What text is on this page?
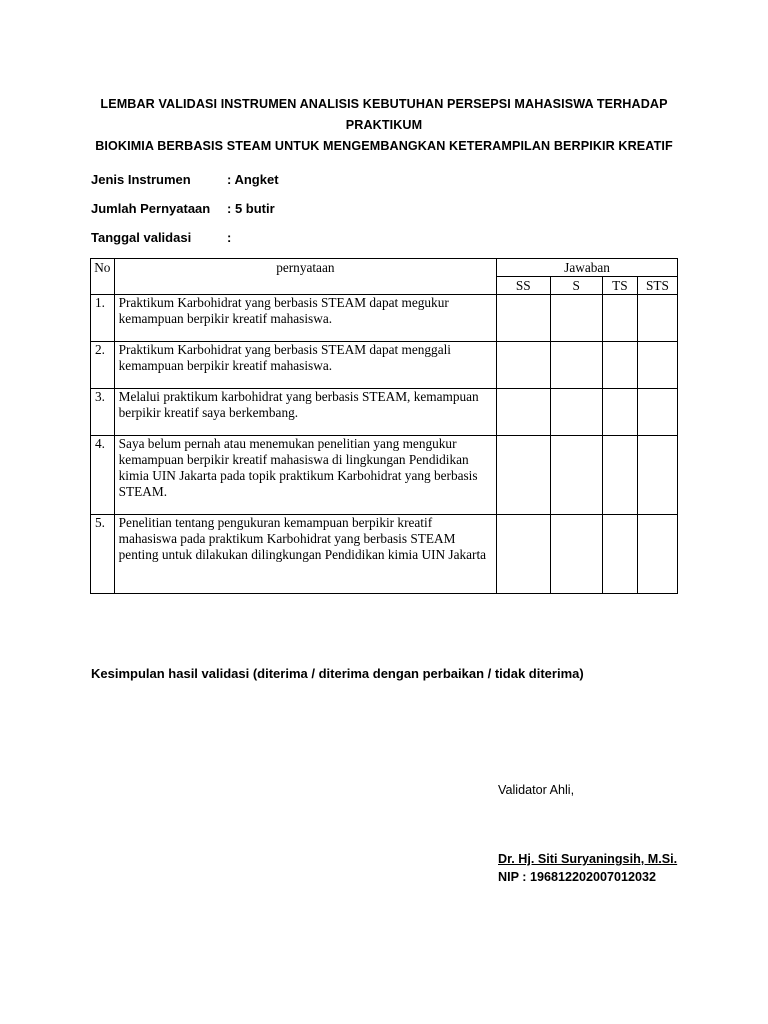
LEMBAR VALIDASI INSTRUMEN ANALISIS KEBUTUHAN PERSEPSI MAHASISWA TERHADAP PRAKTIKUM
BIOKIMIA BERBASIS STEAM UNTUK MENGEMBANGKAN KETERAMPILAN BERPIKIR KREATIF
Jenis Instrumen	: Angket
Jumlah Pernyataan : 5 butir
Tanggal validasi	:
No	pernyataan	Jawaban			
		SS	S	TS	STS
1.	Praktikum Karbohidrat yang berbasis STEAM dapat megukur kemampuan berpikir kreatif mahasiswa.				
2.	Praktikum Karbohidrat yang berbasis STEAM dapat menggali kemampuan berpikir kreatif mahasiswa.				
3.	Melalui praktikum karbohidrat yang berbasis STEAM, kemampuan berpikir kreatif saya berkembang.				
4.	Saya belum pernah atau menemukan penelitian yang mengukur kemampuan berpikir kreatif mahasiswa di lingkungan Pendidikan kimia UIN Jakarta pada topik praktikum Karbohidrat yang berbasis STEAM.				
5.	Penelitian tentang pengukuran kemampuan berpikir kreatif mahasiswa pada praktikum Karbohidrat yang berbasis STEAM penting untuk dilakukan dilingkungan Pendidikan kimia UIN Jakarta				
Kesimpulan hasil validasi (diterima / diterima dengan perbaikan / tidak diterima)
Validator Ahli,
Dr. Hj. Siti Suryaningsih, M.Si.
NIP : 196812202007012032
